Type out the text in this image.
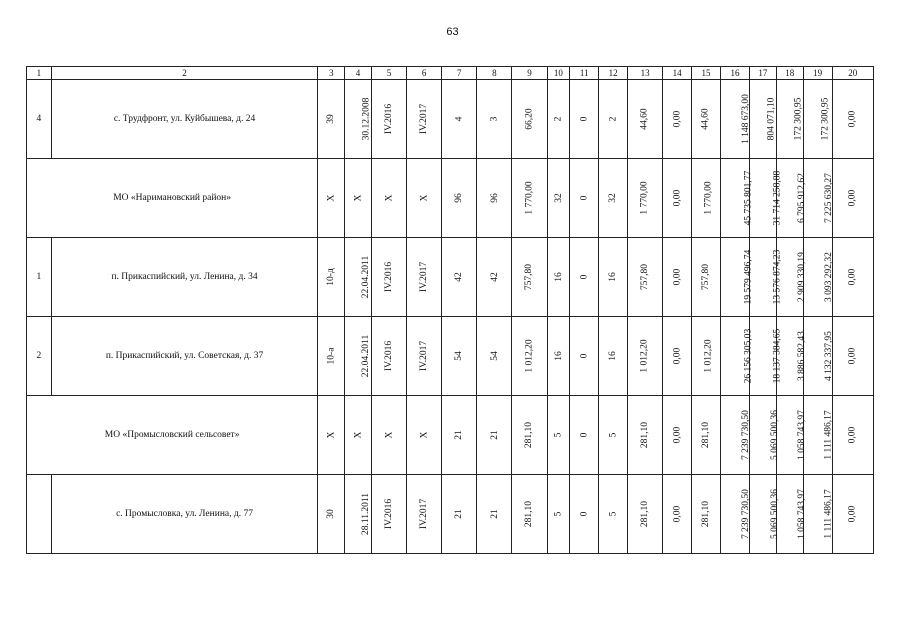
63
1	2	3	4	5	6	7	8	9	10	11	12	13	14	15	16	17	18	19	20
4	с. Трудфронт, ул. Куйбышева, д. 24	39	30.12.2008	IV.2016	IV.2017	4	3	66,20	2	0	2	44,60	0,00	44,60	1 148 673,00	804 071,10	172 300,95	172 300,95	0,00
МО «Наримановский район»		Х	Х	Х	Х	96	96	1 770,00	32	0	32	1 770,00	0,00	1 770,00	45 735 801,77	31 714 258,88	6 795 912,62	7 225 630,27	0,00
1	п. Прикаспийский, ул. Ленина, д. 34	10-д	22.04.2011	IV.2016	IV.2017	42	42	757,80	16	0	16	757,80	0,00	757,80	19 579 496,74	13 576 874,23	2 909 330,19	3 093 292,32	0,00
2	п. Прикаспийский, ул. Советская, д. 37	10-а	22.04.2011	IV.2016	IV.2017	54	54	1 012,20	16	0	16	1 012,20	0,00	1 012,20	26 156 305,03	18 137 384,65	3 886 582,43	4 132 337,95	0,00
МО «Промысловский сельсовет»		Х	Х	Х	Х	21	21	281,10	5	0	5	281,10	0,00	281,10	7 239 730,50	5 069 500,36	1 058 743,97	1 111 486,17	0,00
	с. Промысловка, ул. Ленина, д. 77	30	28.11.2011	IV.2016	IV.2017	21	21	281,10	5	0	5	281,10	0,00	281,10	7 239 730,50	5 069 500,36	1 058 743,97	1 111 486,17	0,00
